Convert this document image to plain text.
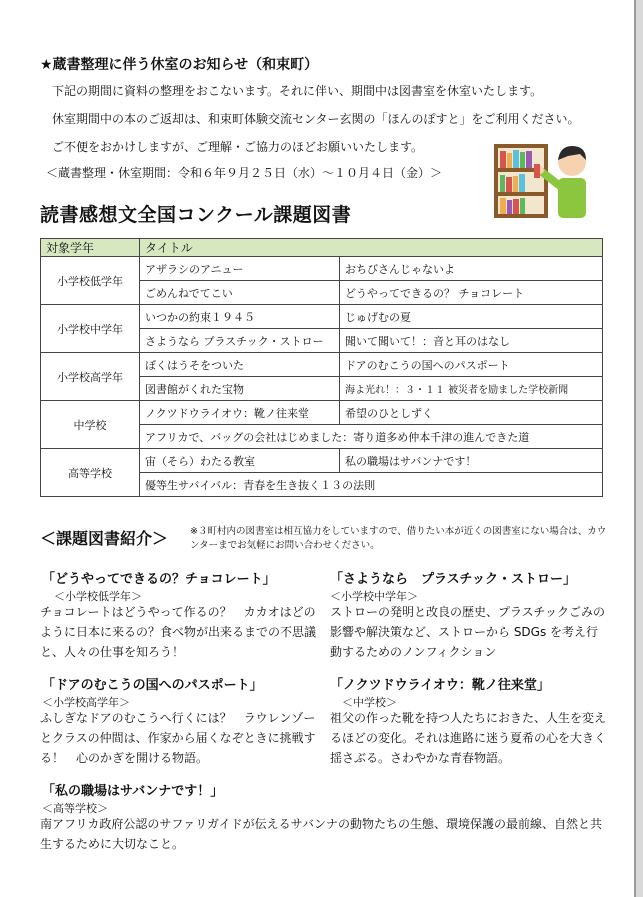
★蔵書整理に伴う休室のお知らせ（和束町）
下記の期間に資料の整理をおこないます。それに伴い、期間中は図書室を休室いたします。
休室期間中の本のご返却は、和束町体験交流センター玄関の「ほんのぽすと」をご利用ください。
ご不便をおかけしますが、ご理解・ご協力のほどお願いいたします。
＜蔵書整理・休室期間：令和６年９月２５日（水）～１０月４日（金）＞
読書感想文全国コンクール課題図書
対象学年	タイトル	
小学校低学年	アザラシのアニュー	おちびさんじゃないよ
	ごめんねでてこい	どうやってできるの？ チョコレート
小学校中学年	いつかの約束１９４５	じゅげむの夏
	さようなら プラスチック・ストロー	聞いて聞いて！：音と耳のはなし
小学校高学年	ぼくはうそをついた	ドアのむこうの国へのパスポート
	図書館がくれた宝物	海よ光れ！：３・１１ 被災者を励ました学校新聞
中学校	ノクツドウライオウ：靴ノ往来堂	希望のひとしずく
	アフリカで、バッグの会社はじめました：寄り道多め仲本千津の進んできた道	
高等学校	宙（そら）わたる教室	私の職場はサバンナです！
	優等生サバイバル：青春を生き抜く１３の法則	
＜課題図書紹介＞ ※３町村内の図書室は相互協力をしていますので、借りたい本が近くの図書室にない場合は、カウンターまでお気軽にお問い合わせください。
「どうやってできるの？チョコレート」
＜小学校低学年＞
チョコレートはどうやって作るの？　カカオはどのように日本に来るの？食べ物が出来るまでの不思議と、人々の仕事を知ろう！
「さようなら　プラスチック・ストロー」
＜小学校中学年＞
ストローの発明と改良の歴史、プラスチックごみの影響や解決策など、ストローから SDGs を考え行動するためのノンフィクション
「ドアのむこうの国へのパスポート」
＜小学校高学年＞
ふしぎなドアのむこうへ行くには？　ラウレンゾーとクラスの仲間は、作家から届くなぞときに挑戦する！　心のかぎを開ける物語。
「ノクツドウライオウ：靴ノ往来堂」
＜中学校＞
祖父の作った靴を持つ人たちにおきた、人生を変えるほどの変化。それは進路に迷う夏希の心を大きく揺さぶる。さわやかな青春物語。
「私の職場はサバンナです！」
＜高等学校＞
南アフリカ政府公認のサファリガイドが伝えるサバンナの動物たちの生態、環境保護の最前線、自然と共生するために大切なこと。
